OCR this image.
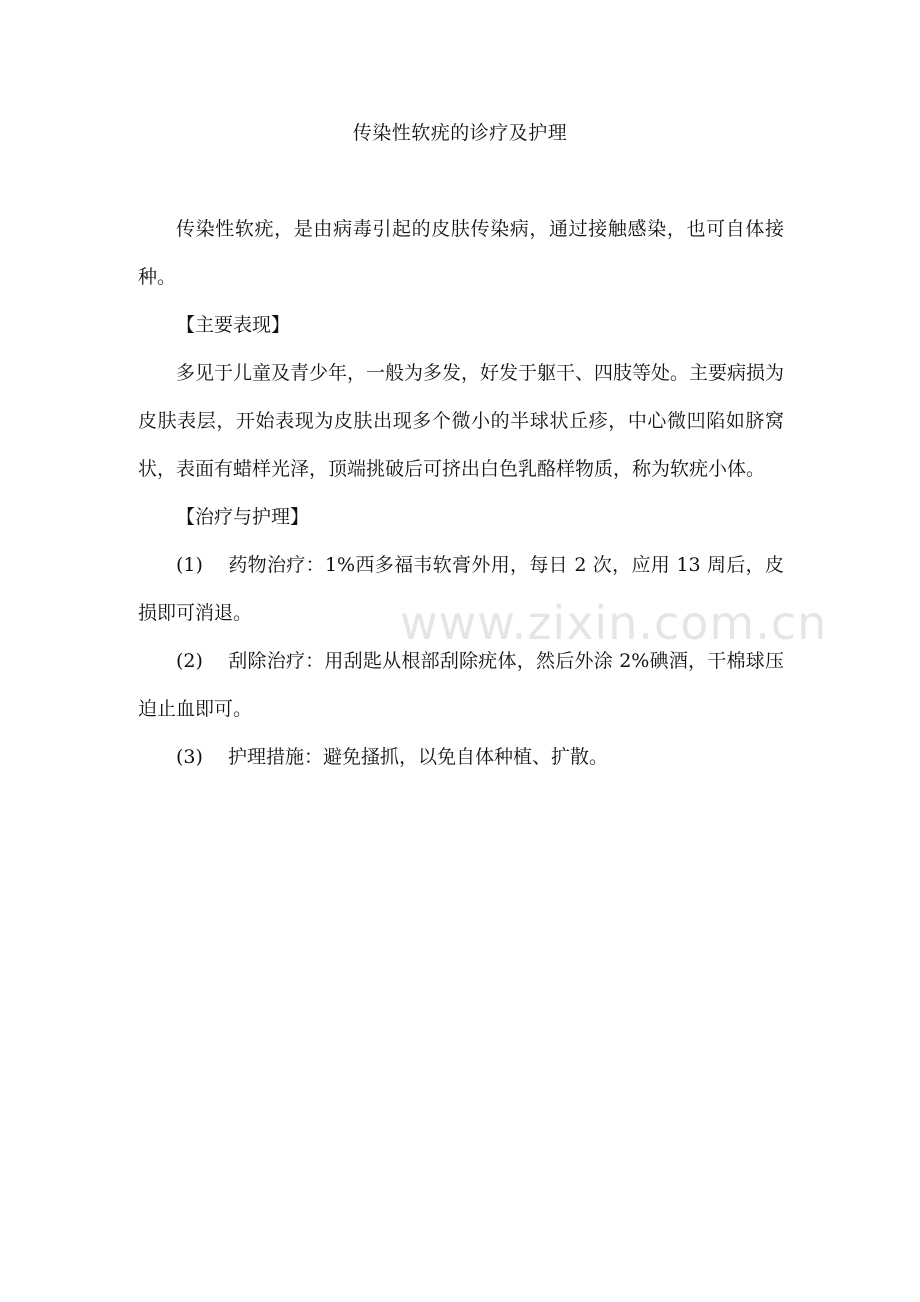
传染性软疣的诊疗及护理

传染性软疣，是由病毒引起的皮肤传染病，通过接触感染，也可自体接种。

【主要表现】

多见于儿童及青少年，一般为多发，好发于躯干、四肢等处。主要病损为皮肤表层，开始表现为皮肤出现多个微小的半球状丘疹，中心微凹陷如脐窝状，表面有蜡样光泽，顶端挑破后可挤出白色乳酪样物质，称为软疣小体。

【治疗与护理】

(1) 药物治疗：1%西多福韦软膏外用，每日 2 次，应用 13 周后，皮损即可消退。

(2) 刮除治疗：用刮匙从根部刮除疣体，然后外涂 2%碘酒，干棉球压迫止血即可。

(3) 护理措施：避免搔抓，以免自体种植、扩散。

www.zixin.com.cn
